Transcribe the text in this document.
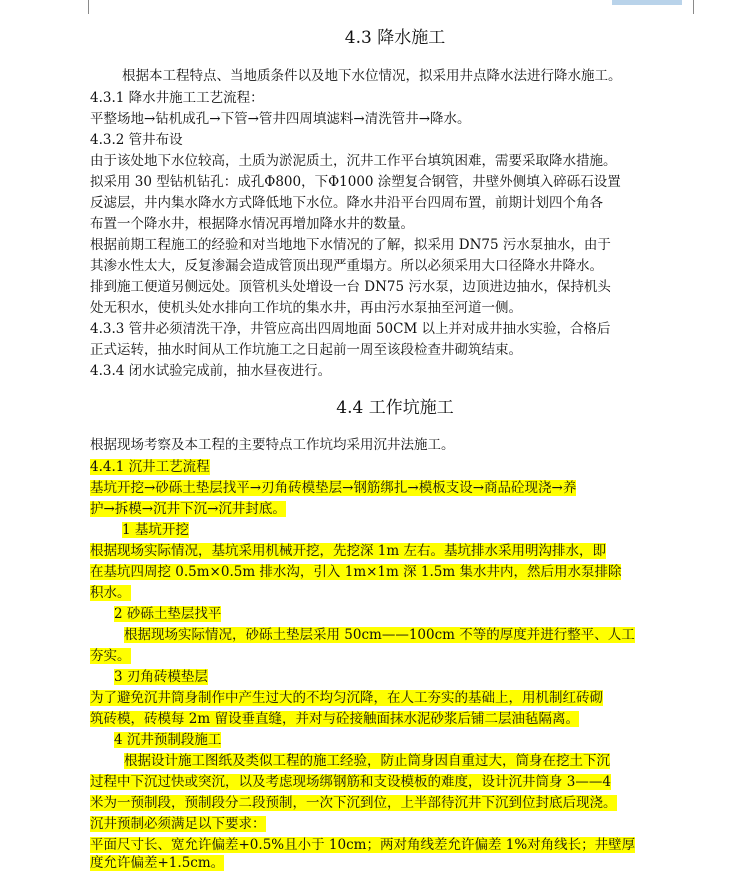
4.3 降水施工
根据本工程特点、当地质条件以及地下水位情况，拟采用井点降水法进行降水施工。
4.3.1 降水井施工工艺流程：
平整场地→钻机成孔→下管→管井四周填滤料→清洗管井→降水。
4.3.2 管井布设
由于该处地下水位较高，土质为淤泥质土，沉井工作平台填筑困难，需要采取降水措施。
拟采用 30 型钻机钻孔：成孔Φ800，下Φ1000 涂塑复合钢管，井壁外侧填入碎砾石设置
反滤层，井内集水降水方式降低地下水位。降水井沿平台四周布置，前期计划四个角各
布置一个降水井，根据降水情况再增加降水井的数量。
根据前期工程施工的经验和对当地地下水情况的了解，拟采用 DN75 污水泵抽水，由于
其渗水性太大，反复渗漏会造成管顶出现严重塌方。所以必须采用大口径降水井降水。
排到施工便道另侧远处。顶管机头处增设一台 DN75 污水泵，边顶进边抽水，保持机头
处无积水，使机头处水排向工作坑的集水井，再由污水泵抽至河道一侧。
4.3.3 管井必须清洗干净，井管应高出四周地面 50CM 以上并对成井抽水实验，合格后
正式运转，抽水时间从工作坑施工之日起前一周至该段检查井砌筑结束。
4.3.4 闭水试验完成前，抽水昼夜进行。
4.4 工作坑施工
根据现场考察及本工程的主要特点工作坑均采用沉井法施工。
4.4.1 沉井工艺流程
基坑开挖→砂砾土垫层找平→刃角砖模垫层→钢筋绑扎→模板支设→商品砼现浇→养
护→拆模→沉井下沉→沉井封底。
1 基坑开挖
根据现场实际情况，基坑采用机械开挖，先挖深 1m 左右。基坑排水采用明沟排水，即
在基坑四周挖 0.5m×0.5m 排水沟，引入 1m×1m 深 1.5m 集水井内，然后用水泵排除
积水。
2 砂砾土垫层找平
根据现场实际情况，砂砾土垫层采用 50cm——100cm 不等的厚度并进行整平、人工
夯实。
3 刃角砖模垫层
为了避免沉井筒身制作中产生过大的不均匀沉降，在人工夯实的基础上，用机制红砖砌
筑砖模，砖模每 2m 留设垂直缝，并对与砼接触面抹水泥砂浆后铺二层油毡隔离。
4 沉井预制段施工
根据设计施工图纸及类似工程的施工经验，防止筒身因自重过大，筒身在挖土下沉
过程中下沉过快或突沉，以及考虑现场绑钢筋和支设模板的难度，设计沉井筒身 3——4
米为一预制段，预制段分二段预制，一次下沉到位，上半部待沉井下沉到位封底后现浇。
沉井预制必须满足以下要求：
平面尺寸长、宽允许偏差+0.5%且小于 10cm；两对角线差允许偏差 1%对角线长；井壁厚
度允许偏差+1.5cm。
